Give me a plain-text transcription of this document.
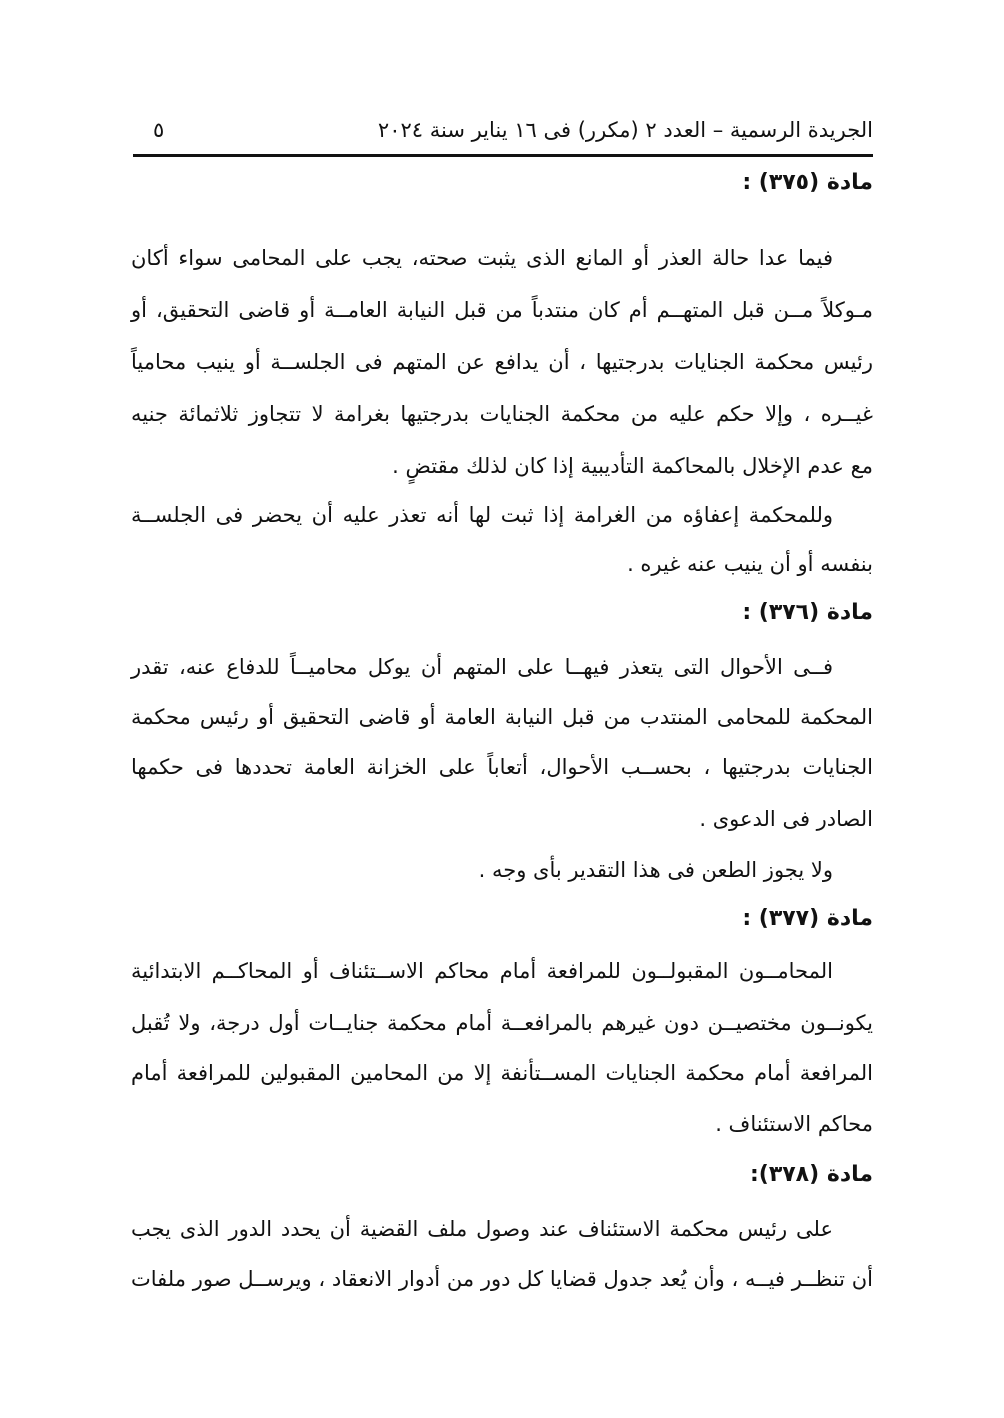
الجريدة الرسمية – العدد ٢ (مكرر) فى ١٦ يناير سنة ٢٠٢٤
٥
مادة (٣٧٥) :
فيما عدا حالة العذر أو المانع الذى يثبت صحته، يجب على المحامى سواء أكان
مـوكلاً مــن قبل المتهــم أم كان منتدباً من قبل النيابة العامــة أو قاضى التحقيق، أو
رئيس محكمة الجنايات بدرجتيها ، أن يدافع عن المتهم فى الجلســة أو ينيب محامياً
غيــره ، وإلا حكم عليه من محكمة الجنايات بدرجتيها بغرامة لا تتجاوز ثلاثمائة جنيه
مع عدم الإخلال بالمحاكمة التأديبية إذا كان لذلك مقتضٍ .
وللمحكمة إعفاؤه من الغرامة إذا ثبت لها أنه تعذر عليه أن يحضر فى الجلســة
بنفسه أو أن ينيب عنه غيره .
مادة (٣٧٦) :
فــى الأحوال التى يتعذر فيهــا على المتهم أن يوكل محاميــاً للدفاع عنه، تقدر
المحكمة للمحامى المنتدب من قبل النيابة العامة أو قاضى التحقيق أو رئيس محكمة
الجنايات بدرجتيها ، بحســب الأحوال، أتعاباً على الخزانة العامة تحددها فى حكمها
الصادر فى الدعوى .
ولا يجوز الطعن فى هذا التقدير بأى وجه .
مادة (٣٧٧) :
المحامــون المقبولــون للمرافعة أمام محاكم الاســتئناف أو المحاكــم الابتدائية
يكونــون مختصيــن دون غيرهم بالمرافعــة أمام محكمة جنايــات أول درجة، ولا تُقبل
المرافعة أمام محكمة الجنايات المســتأنفة إلا من المحامين المقبولين للمرافعة أمام
محاكم الاستئناف .
مادة (٣٧٨):
على رئيس محكمة الاستئناف عند وصول ملف القضية أن يحدد الدور الذى يجب
أن تنظــر فيــه ، وأن يُعد جدول قضايا كل دور من أدوار الانعقاد ، ويرســل صور ملفات
